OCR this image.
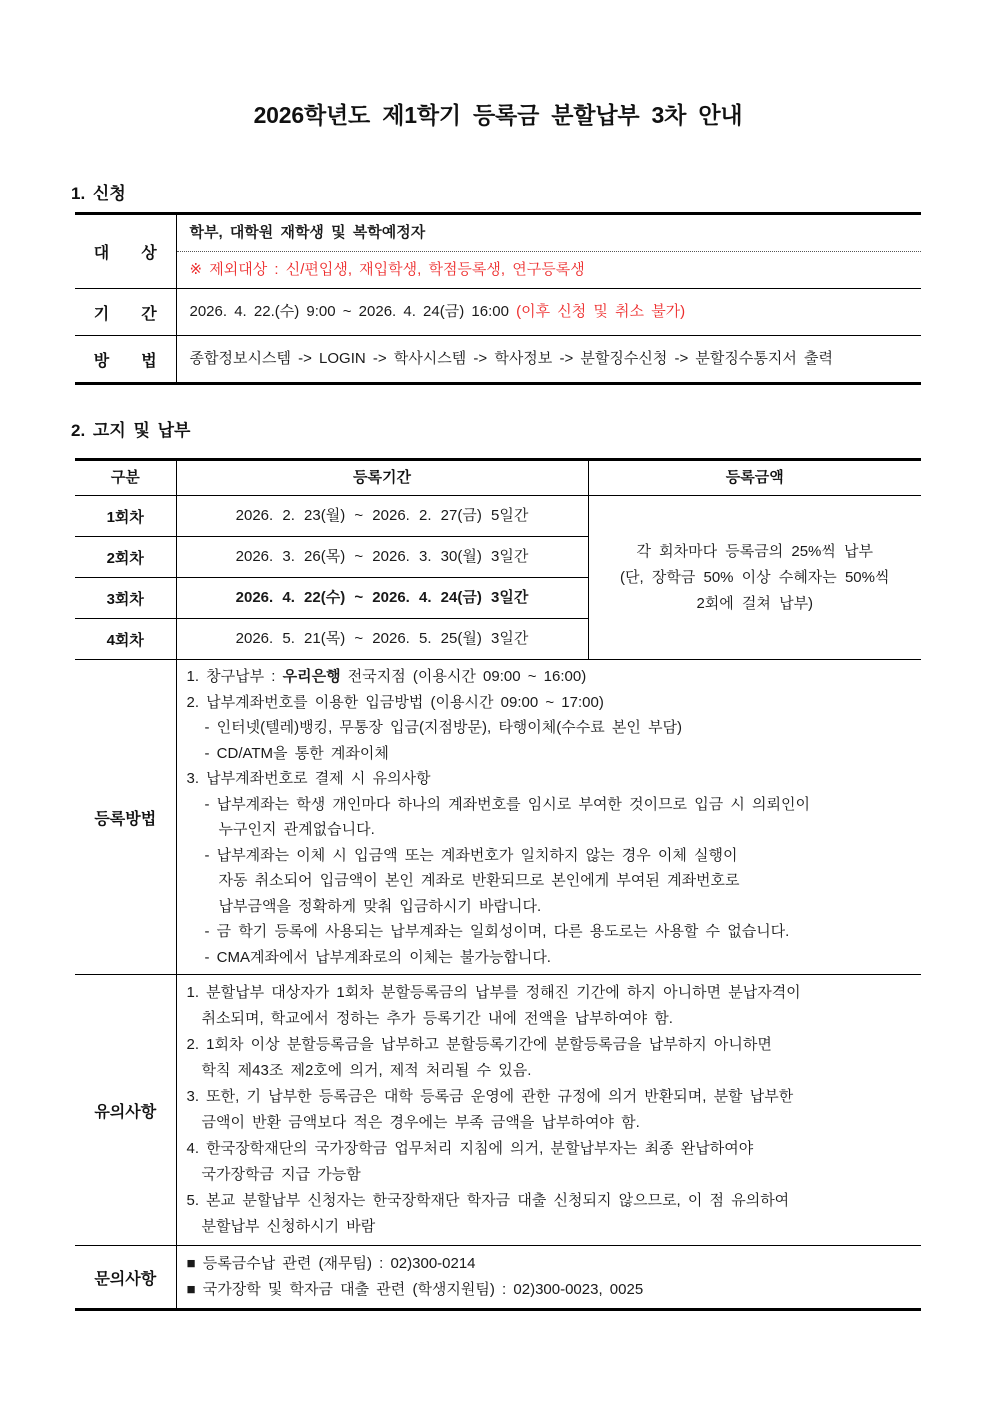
2026학년도 제1학기 등록금 분할납부 3차 안내
1. 신청
대　　상	학부, 대학원 재학생 및 복학예정자
	※ 제외대상 : 신/편입생, 재입학생, 학점등록생, 연구등록생
기　　간	2026. 4. 22.(수) 9:00 ~ 2026. 4. 24(금) 16:00 (이후 신청 및 취소 불가)
방　　법	종합정보시스템 -> LOGIN -> 학사시스템 -> 학사정보 -> 분할징수신청 -> 분할징수통지서 출력
2. 고지 및 납부
구분	등록기간	등록금액
1회차	2026. 2. 23(월) ~ 2026. 2. 27(금) 5일간	각 회차마다 등록금의 25%씩 납부
(단, 장학금 50% 이상 수혜자는 50%씩
2회에 걸쳐 납부)

2회차	2026. 3. 26(목) ~ 2026. 3. 30(월) 3일간	
3회차	2026. 4. 22(수) ~ 2026. 4. 24(금) 3일간	
4회차	2026. 5. 21(목) ~ 2026. 5. 25(월) 3일간	
등록방법	
1. 창구납부 : 우리은행 전국지점 (이용시간 09:00 ~ 16:00)
2. 납부계좌번호를 이용한 입금방법 (이용시간 09:00 ~ 17:00)
- 인터넷(텔레)뱅킹, 무통장 입금(지점방문), 타행이체(수수료 본인 부담)
- CD/ATM을 통한 계좌이체
3. 납부계좌번호로 결제 시 유의사항
- 납부계좌는 학생 개인마다 하나의 계좌번호를 임시로 부여한 것이므로 입금 시 의뢰인이
누구인지 관계없습니다.
- 납부계좌는 이체 시 입금액 또는 계좌번호가 일치하지 않는 경우 이체 실행이
자동 취소되어 입금액이 본인 계좌로 반환되므로 본인에게 부여된 계좌번호로
납부금액을 정확하게 맞춰 입금하시기 바랍니다.
- 금 학기 등록에 사용되는 납부계좌는 일회성이며, 다른 용도로는 사용할 수 없습니다.
- CMA계좌에서 납부계좌로의 이체는 불가능합니다.

유의사항	
1. 분할납부 대상자가 1회차 분할등록금의 납부를 정해진 기간에 하지 아니하면 분납자격이
취소되며, 학교에서 정하는 추가 등록기간 내에 전액을 납부하여야 함.
2. 1회차 이상 분할등록금을 납부하고 분할등록기간에 분할등록금을 납부하지 아니하면
학칙 제43조 제2호에 의거, 제적 처리될 수 있음.
3. 또한, 기 납부한 등록금은 대학 등록금 운영에 관한 규정에 의거 반환되며, 분할 납부한
금액이 반환 금액보다 적은 경우에는 부족 금액을 납부하여야 함.
4. 한국장학재단의 국가장학금 업무처리 지침에 의거, 분할납부자는 최종 완납하여야
국가장학금 지급 가능함
5. 본교 분할납부 신청자는 한국장학재단 학자금 대출 신청되지 않으므로, 이 점 유의하여
분할납부 신청하시기 바람

문의사항	■ 등록금수납 관련 (재무팀) : 02)300-0214
■ 국가장학 및 학자금 대출 관련 (학생지원팀) : 02)300-0023, 0025	
